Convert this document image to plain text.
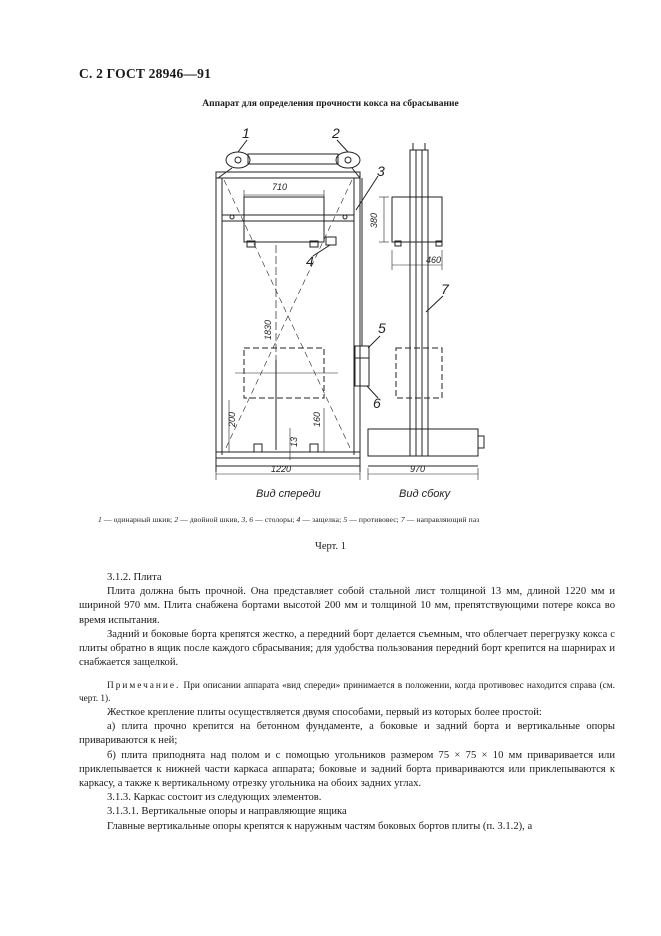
С. 2 ГОСТ 28946—91
Аппарат для определения прочности кокса на сбрасывание
1	2
3
4
5
6
7
710
380
460
1830
200	160
13
1220	970
Вид спереди	Вид сбоку
1 — одинарный шкив; 2 — двойной шкив, 3, 6 — столоры; 4 — защелка; 5 — противовес; 7 — направляющий паз
Черт. 1

3.1.2. Плита

Плита должна быть прочной. Она представляет собой стальной лист толщиной 13 мм, длиной 1220 мм и шириной 970 мм. Плита снабжена бортами высотой 200 мм и толщиной 10 мм, препятствующими потере кокса во время испытания.

Задний и боковые борта крепятся жестко, а передний борт делается съемным, что облегчает перегрузку кокса с плиты обратно в ящик после каждого сбрасывания; для удобства пользования передний борт крепится на шарнирах и снабжается защелкой.

Примечание. При описании аппарата «вид спереди» принимается в положении, когда противовес находится справа (см. черт. 1).

Жесткое крепление плиты осуществляется двумя способами, первый из которых более простой:

а) плита прочно крепится на бетонном фундаменте, а боковые и задний борта и вертикальные опоры привариваются к ней;

б) плита приподнята над полом и с помощью угольников размером 75 × 75 × 10 мм приваривается или приклепывается к нижней части каркаса аппарата; боковые и задний борта привариваются или приклепываются к каркасу, а также к вертикальному отрезку угольника на обоих задних углах.

3.1.3. Каркас состоит из следующих элементов.

3.1.3.1. Вертикальные опоры и направляющие ящика

Главные вертикальные опоры крепятся к наружным частям боковых бортов плиты (п. 3.1.2), а
